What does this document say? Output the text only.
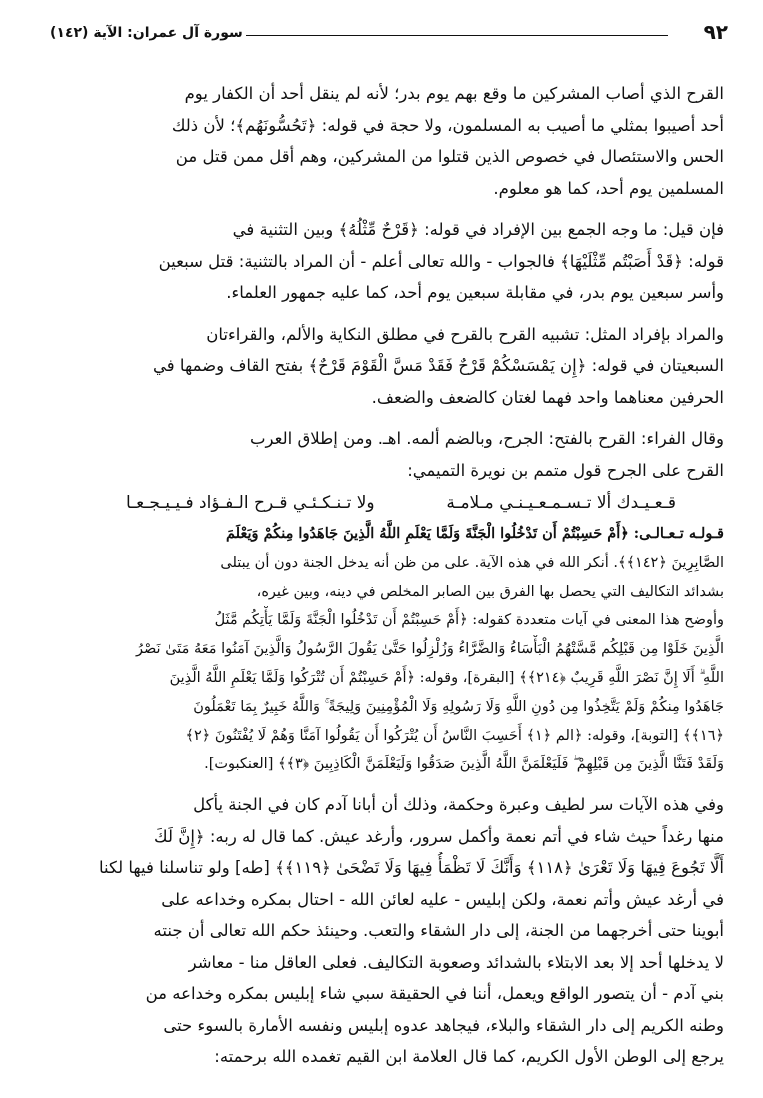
سورة آل عمران: الآية (١٤٢)	٩٢
القرح الذي أصاب المشركين ما وقع بهم يوم بدر؛ لأنه لم ينقل أحد أن الكفار يوم
أحد أصيبوا بمثلي ما أصيب به المسلمون، ولا حجة في قوله: ﴿تَحُسُّونَهُم﴾؛ لأن ذلك
الحس والاستئصال في خصوص الذين قتلوا من المشركين، وهم أقل ممن قتل من
المسلمين يوم أحد، كما هو معلوم.
فإن قيل: ما وجه الجمع بين الإفراد في قوله: ﴿قَرْحٌ مِّثْلُهُ﴾ وبين التثنية في
قوله: ﴿قَدْ أَصَبْتُم مِّثْلَيْهَا﴾ فالجواب - والله تعالى أعلم - أن المراد بالتثنية: قتل سبعين
وأسر سبعين يوم بدر، في مقابلة سبعين يوم أحد، كما عليه جمهور العلماء.
والمراد بإفراد المثل: تشبيه القرح بالقرح في مطلق النكاية والألم، والقراءتان
السبعيتان في قوله: ﴿إِن يَمْسَسْكُمْ قَرْحٌ فَقَدْ مَسَّ الْقَوْمَ قَرْحٌ﴾ بفتح القاف وضمها في
الحرفين معناهما واحد فهما لغتان كالضعف والضعف.
وقال الفراء: القرح بالفتح: الجرح، وبالضم ألمه. اهـ. ومن إطلاق العرب
القرح على الجرح قول متمم بن نويرة التميمي:
قـعـيـدك ألا تـسـمـعـيـنـي مـلامـة
ولا تـنـكـئـي قـرح الـفـؤاد فـيـيـجـعـا
قـولـه تـعـالـى: ﴿أَمْ حَسِبْتُمْ أَن تَدْخُلُوا الْجَنَّةَ وَلَمَّا يَعْلَمِ اللَّهُ الَّذِينَ جَاهَدُوا مِنكُمْ وَيَعْلَمَ
الصَّابِرِينَ ﴿١٤٢﴾﴾. أنكر الله في هذه الآية. على من ظن أنه يدخل الجنة دون أن يبتلى
بشدائد التكاليف التي يحصل بها الفرق بين الصابر المخلص في دينه، وبين غيره،
وأوضح هذا المعنى في آيات متعددة كقوله: ﴿أَمْ حَسِبْتُمْ أَن تَدْخُلُوا الْجَنَّةَ وَلَمَّا يَأْتِكُم مَّثَلُ
الَّذِينَ خَلَوْا مِن قَبْلِكُم مَّسَّتْهُمُ الْبَأْسَاءُ وَالضَّرَّاءُ وَزُلْزِلُوا حَتَّىٰ يَقُولَ الرَّسُولُ وَالَّذِينَ آمَنُوا مَعَهُ مَتَىٰ نَصْرُ
اللَّهِ ۗ أَلَا إِنَّ نَصْرَ اللَّهِ قَرِيبٌ ﴿٢١٤﴾﴾ [البقرة]، وقوله: ﴿أَمْ حَسِبْتُمْ أَن تُتْرَكُوا وَلَمَّا يَعْلَمِ اللَّهُ الَّذِينَ
جَاهَدُوا مِنكُمْ وَلَمْ يَتَّخِذُوا مِن دُونِ اللَّهِ وَلَا رَسُولِهِ وَلَا الْمُؤْمِنِينَ وَلِيجَةً ۚ وَاللَّهُ خَبِيرٌ بِمَا تَعْمَلُونَ
﴿١٦﴾﴾ [التوبة]، وقوله: ﴿الم ﴿١﴾ أَحَسِبَ النَّاسُ أَن يُتْرَكُوا أَن يَقُولُوا آمَنَّا وَهُمْ لَا يُفْتَنُونَ ﴿٢﴾
وَلَقَدْ فَتَنَّا الَّذِينَ مِن قَبْلِهِمْ ۖ فَلَيَعْلَمَنَّ اللَّهُ الَّذِينَ صَدَقُوا وَلَيَعْلَمَنَّ الْكَاذِبِينَ ﴿٣﴾﴾ [العنكبوت].
وفي هذه الآيات سر لطيف وعبرة وحكمة، وذلك أن أبانا آدم كان في الجنة يأكل
منها رغداً حيث شاء في أتم نعمة وأكمل سرور، وأرغد عيش. كما قال له ربه: ﴿إِنَّ لَكَ
أَلَّا تَجُوعَ فِيهَا وَلَا تَعْرَىٰ ﴿١١٨﴾ وَأَنَّكَ لَا تَظْمَأُ فِيهَا وَلَا تَضْحَىٰ ﴿١١٩﴾﴾ [طه] ولو تناسلنا فيها لكنا
في أرغد عيش وأتم نعمة، ولكن إبليس - عليه لعائن الله - احتال بمكره وخداعه على
أبوينا حتى أخرجهما من الجنة، إلى دار الشقاء والتعب. وحينئذ حكم الله تعالى أن جنته
لا يدخلها أحد إلا بعد الابتلاء بالشدائد وصعوبة التكاليف. فعلى العاقل منا - معاشر
بني آدم - أن يتصور الواقع ويعمل، أننا في الحقيقة سبي شاء إبليس بمكره وخداعه من
وطنه الكريم إلى دار الشقاء والبلاء، فيجاهد عدوه إبليس ونفسه الأمارة بالسوء حتى
يرجع إلى الوطن الأول الكريم، كما قال العلامة ابن القيم تغمده الله برحمته:
